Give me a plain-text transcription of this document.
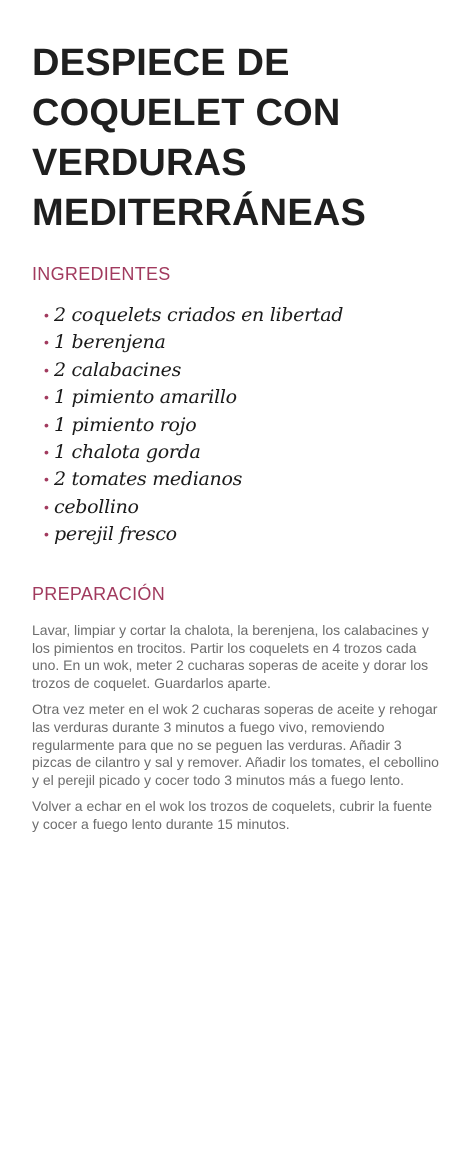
DESPIECE DE
COQUELET CON
VERDURAS
MEDITERRÁNEAS
INGREDIENTES
• 2 coquelets criados en libertad
• 1 berenjena
• 2 calabacines
• 1 pimiento amarillo
• 1 pimiento rojo
• 1 chalota gorda
• 2 tomates medianos
• cebollino
• perejil fresco
PREPARACIÓN

Lavar, limpiar y cortar la chalota, la berenjena, los calabacines y los pimientos en trocitos. Partir los coquelets en 4 trozos cada uno. En un wok, meter 2 cucharas soperas de aceite y dorar los trozos de coquelet. Guardarlos aparte.

Otra vez meter en el wok 2 cucharas soperas de aceite y rehogar las verduras durante 3 minutos a fuego vivo, removiendo regularmente para que no se peguen las verduras. Añadir 3 pizcas de cilantro y sal y remover. Añadir los tomates, el cebollino y el perejil picado y cocer todo 3 minutos más a fuego lento.

Volver a echar en el wok los trozos de coquelets, cubrir la fuente y cocer a fuego lento durante 15 minutos.
